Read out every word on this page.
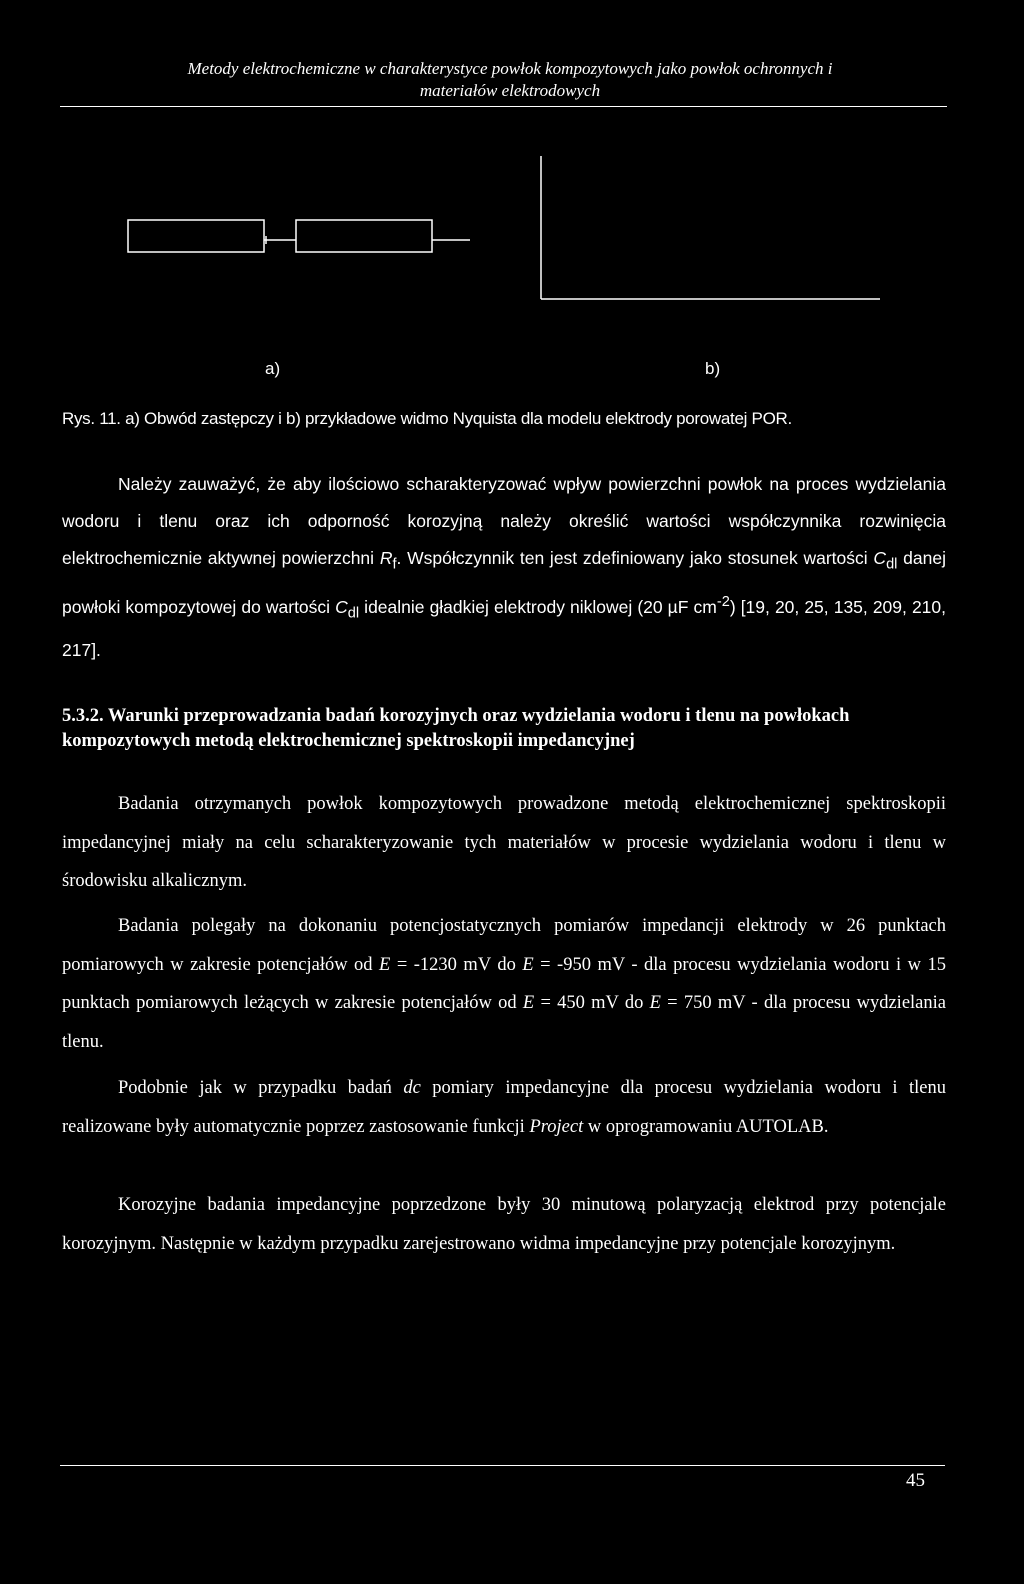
Metody elektrochemiczne w charakterystyce powłok kompozytowych jako powłok ochronnych i
materiałów elektrodowych
a)	b)
Rys. 11. a) Obwód zastępczy i b) przykładowe widmo Nyquista dla modelu elektrody porowatej POR.

Należy zauważyć, że aby ilościowo scharakteryzować wpływ powierzchni powłok na proces wydzielania wodoru i tlenu oraz ich odporność korozyjną należy określić wartości współczynnika rozwinięcia elektrochemicznie aktywnej powierzchni $R_f$. Współczynnik ten jest zdefiniowany jako stosunek wartości $C_{dl}$ danej powłoki kompozytowej do wartości $C_{dl}$ idealnie gładkiej elektrody niklowej (20 µF $cm^{-2}$) [19, 20, 25, 135, 209, 210, 217].

5.3.2. Warunki przeprowadzania badań korozyjnych oraz wydzielania wodoru i tlenu na powłokach kompozytowych metodą elektrochemicznej spektroskopii impedancyjnej

Badania otrzymanych powłok kompozytowych prowadzone metodą elektrochemicznej spektroskopii impedancyjnej miały na celu scharakteryzowanie tych materiałów w procesie wydzielania wodoru i tlenu w środowisku alkalicznym.

Badania polegały na dokonaniu potencjostatycznych pomiarów impedancji elektrody w 26 punktach pomiarowych w zakresie potencjałów od E = -1230 mV do E = -950 mV - dla procesu wydzielania wodoru i w 15 punktach pomiarowych leżących w zakresie potencjałów od E = 450 mV do E = 750 mV - dla procesu wydzielania tlenu.

Podobnie jak w przypadku badań dc pomiary impedancyjne dla procesu wydzielania wodoru i tlenu realizowane były automatycznie poprzez zastosowanie funkcji Project w oprogramowaniu AUTOLAB.

Korozyjne badania impedancyjne poprzedzone były 30 minutową polaryzacją elektrod przy potencjale korozyjnym. Następnie w każdym przypadku zarejestrowano widma impedancyjne przy potencjale korozyjnym.

45
